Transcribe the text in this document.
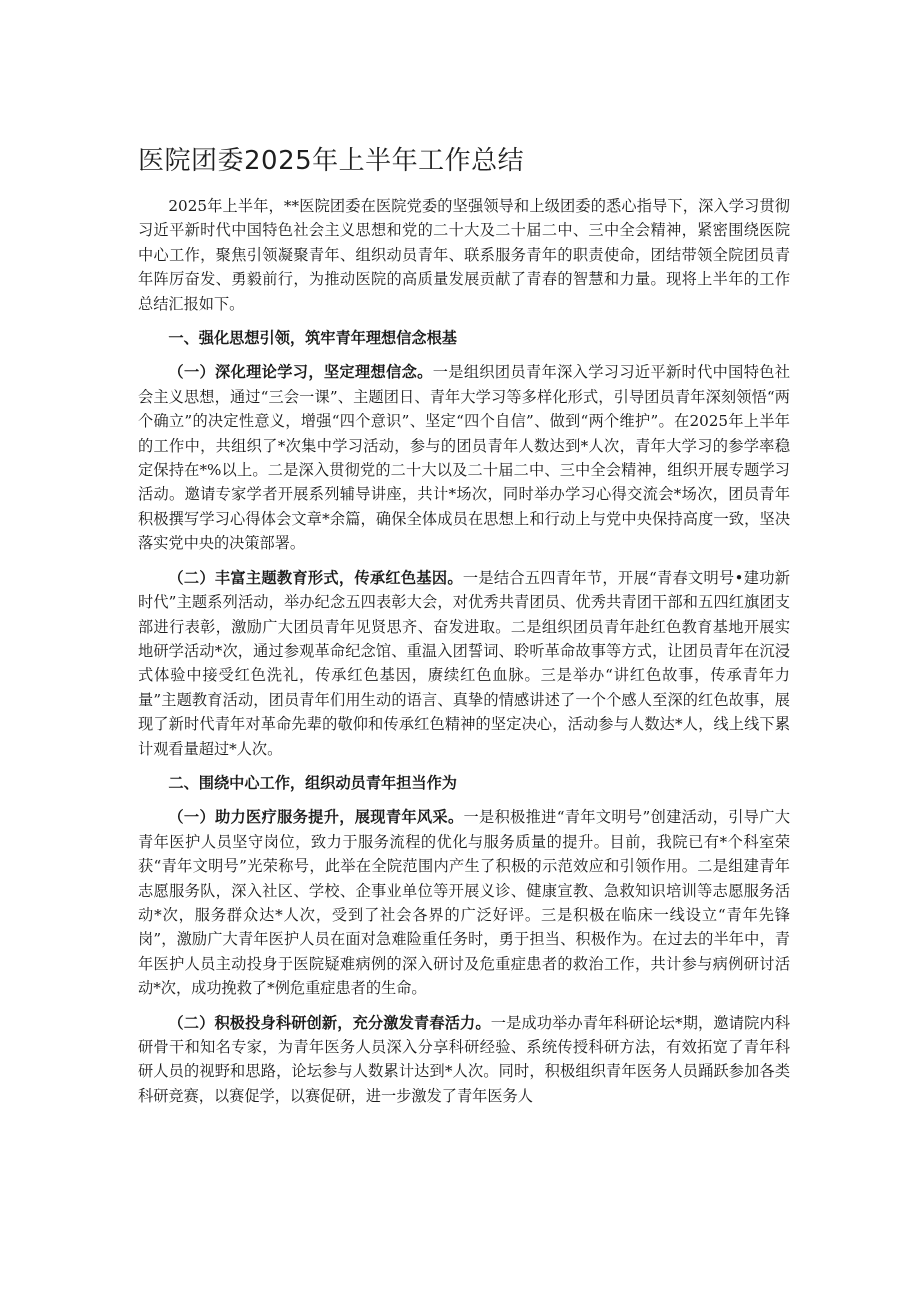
医院团委2025年上半年工作总结

2025年上半年，**医院团委在医院党委的坚强领导和上级团委的悉心指导下，深入学习贯彻习近平新时代中国特色社会主义思想和党的二十大及二十届二中、三中全会精神，紧密围绕医院中心工作，聚焦引领凝聚青年、组织动员青年、联系服务青年的职责使命，团结带领全院团员青年阵厉奋发、勇毅前行，为推动医院的高质量发展贡献了青春的智慧和力量。现将上半年的工作总结汇报如下。

一、强化思想引领，筑牢青年理想信念根基

（一）深化理论学习，坚定理想信念。一是组织团员青年深入学习习近平新时代中国特色社会主义思想，通过“三会一课”、主题团日、青年大学习等多样化形式，引导团员青年深刻领悟“两个确立”的决定性意义，增强“四个意识”、坚定“四个自信”、做到“两个维护”。在2025年上半年的工作中，共组织了*次集中学习活动，参与的团员青年人数达到*人次，青年大学习的参学率稳定保持在*%以上。二是深入贯彻党的二十大以及二十届二中、三中全会精神，组织开展专题学习活动。邀请专家学者开展系列辅导讲座，共计*场次，同时举办学习心得交流会*场次，团员青年积极撰写学习心得体会文章*余篇，确保全体成员在思想上和行动上与党中央保持高度一致，坚决落实党中央的决策部署。

（二）丰富主题教育形式，传承红色基因。一是结合五四青年节，开展“青春文明号•建功新时代”主题系列活动，举办纪念五四表彰大会，对优秀共青团员、优秀共青团干部和五四红旗团支部进行表彰，激励广大团员青年见贤思齐、奋发进取。二是组织团员青年赴红色教育基地开展实地研学活动*次，通过参观革命纪念馆、重温入团誓词、聆听革命故事等方式，让团员青年在沉浸式体验中接受红色洗礼，传承红色基因，赓续红色血脉。三是举办“讲红色故事，传承青年力量”主题教育活动，团员青年们用生动的语言、真挚的情感讲述了一个个感人至深的红色故事，展现了新时代青年对革命先辈的敬仰和传承红色精神的坚定决心，活动参与人数达*人，线上线下累计观看量超过*人次。

二、围绕中心工作，组织动员青年担当作为

（一）助力医疗服务提升，展现青年风采。一是积极推进“青年文明号”创建活动，引导广大青年医护人员坚守岗位，致力于服务流程的优化与服务质量的提升。目前，我院已有*个科室荣获“青年文明号”光荣称号，此举在全院范围内产生了积极的示范效应和引领作用。二是组建青年志愿服务队，深入社区、学校、企事业单位等开展义诊、健康宣教、急救知识培训等志愿服务活动*次，服务群众达*人次，受到了社会各界的广泛好评。三是积极在临床一线设立“青年先锋岗”，激励广大青年医护人员在面对急难险重任务时，勇于担当、积极作为。在过去的半年中，青年医护人员主动投身于医院疑难病例的深入研讨及危重症患者的救治工作，共计参与病例研讨活动*次，成功挽救了*例危重症患者的生命。

（二）积极投身科研创新，充分激发青春活力。一是成功举办青年科研论坛*期，邀请院内科研骨干和知名专家，为青年医务人员深入分享科研经验、系统传授科研方法，有效拓宽了青年科研人员的视野和思路，论坛参与人数累计达到*人次。同时，积极组织青年医务人员踊跃参加各类科研竞赛，以赛促学，以赛促研，进一步激发了青年医务人
